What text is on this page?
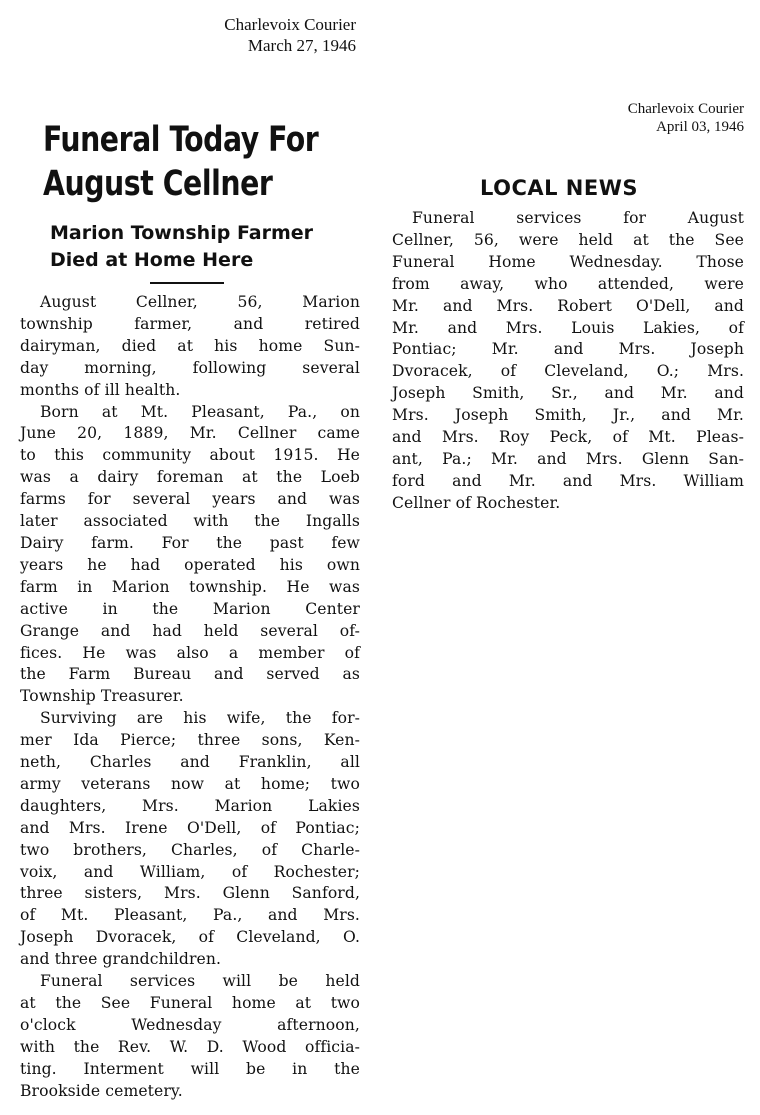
Charlevoix Courier
March 27, 1946
Funeral Today For
August Cellner
Marion Township Farmer
Died at Home Here
August Cellner, 56, Marion
township farmer, and retired
dairyman, died at his home Sun-
day morning, following several
months of ill health.
Born at Mt. Pleasant, Pa., on
June 20, 1889, Mr. Cellner came
to this community about 1915. He
was a dairy foreman at the Loeb
farms for several years and was
later associated with the Ingalls
Dairy farm. For the past few
years he had operated his own
farm in Marion township. He was
active in the Marion Center
Grange and had held several of-
fices. He was also a member of
the Farm Bureau and served as
Township Treasurer.
Surviving are his wife, the for-
mer Ida Pierce; three sons, Ken-
neth, Charles and Franklin, all
army veterans now at home; two
daughters, Mrs. Marion Lakies
and Mrs. Irene O'Dell, of Pontiac;
two brothers, Charles, of Charle-
voix, and William, of Rochester;
three sisters, Mrs. Glenn Sanford,
of Mt. Pleasant, Pa., and Mrs.
Joseph Dvoracek, of Cleveland, O.
and three grandchildren.
Funeral services will be held
at the See Funeral home at two
o'clock Wednesday afternoon,
with the Rev. W. D. Wood officia-
ting. Interment will be in the
Brookside cemetery.
Charlevoix Courier
April 03, 1946
LOCAL NEWS
Funeral services for August
Cellner, 56, were held at the See
Funeral Home Wednesday. Those
from away, who attended, were
Mr. and Mrs. Robert O'Dell, and
Mr. and Mrs. Louis Lakies, of
Pontiac; Mr. and Mrs. Joseph
Dvoracek, of Cleveland, O.; Mrs.
Joseph Smith, Sr., and Mr. and
Mrs. Joseph Smith, Jr., and Mr.
and Mrs. Roy Peck, of Mt. Pleas-
ant, Pa.; Mr. and Mrs. Glenn San-
ford and Mr. and Mrs. William
Cellner of Rochester.
